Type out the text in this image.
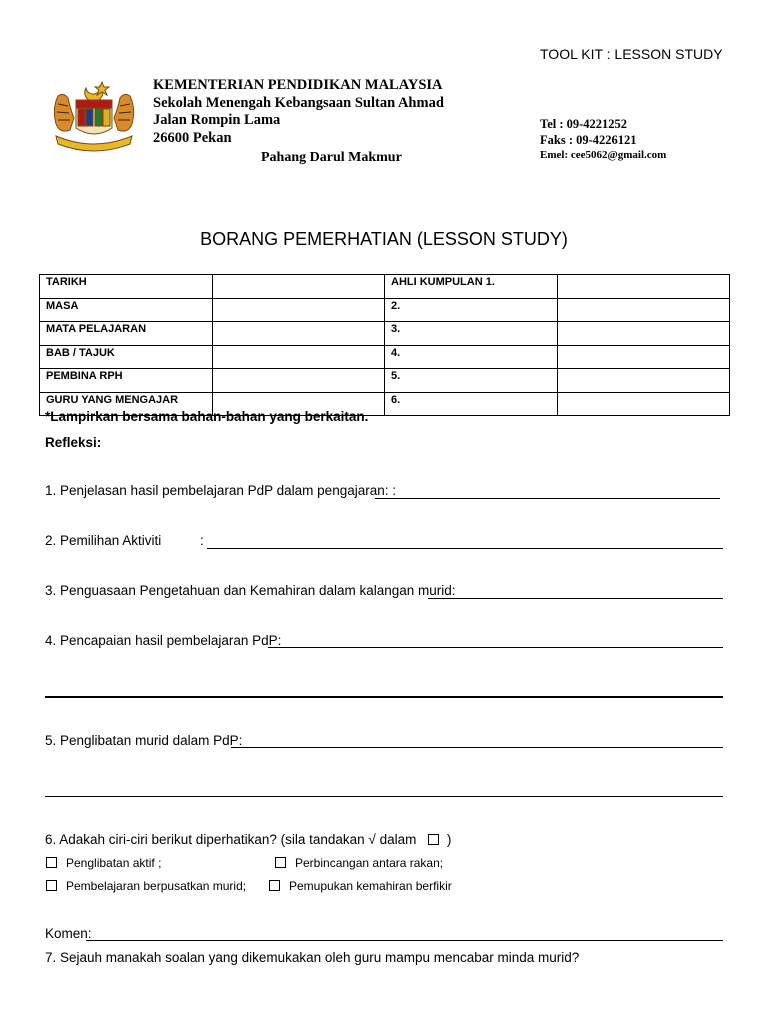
TOOL KIT : LESSON STUDY
KEMENTERIAN PENDIDIKAN MALAYSIA
Sekolah Menengah Kebangsaan Sultan Ahmad
Jalan Rompin Lama
26600 Pekan
Pahang Darul Makmur
Tel : 09-4221252
Faks : 09-4226121
Emel: cee5062@gmail.com
BORANG PEMERHATIAN (LESSON STUDY)
TARIKH		AHLI KUMPULAN 1.	
MASA		2.	
MATA PELAJARAN		3.	
BAB / TAJUK		4.	
PEMBINA RPH		5.	
GURU YANG MENGAJAR		6.	
*Lampirkan bersama bahan-bahan yang berkaitan.
Refleksi:
1. Penjelasan hasil pembelajaran PdP dalam pengajaran: :
2. Pemilihan Aktiviti	:
3. Penguasaan Pengetahuan dan Kemahiran dalam kalangan murid:
4. Pencapaian hasil pembelajaran PdP:
5. Penglibatan murid dalam PdP:
6. Adakah ciri-ciri berikut diperhatikan? (sila tandakan √ dalam )
Penglibatan aktif ;	Perbincangan antara rakan;
Pembelajaran berpusatkan murid;	Pemupukan kemahiran berfikir
Komen:
7. Sejauh manakah soalan yang dikemukakan oleh guru mampu mencabar minda murid?
